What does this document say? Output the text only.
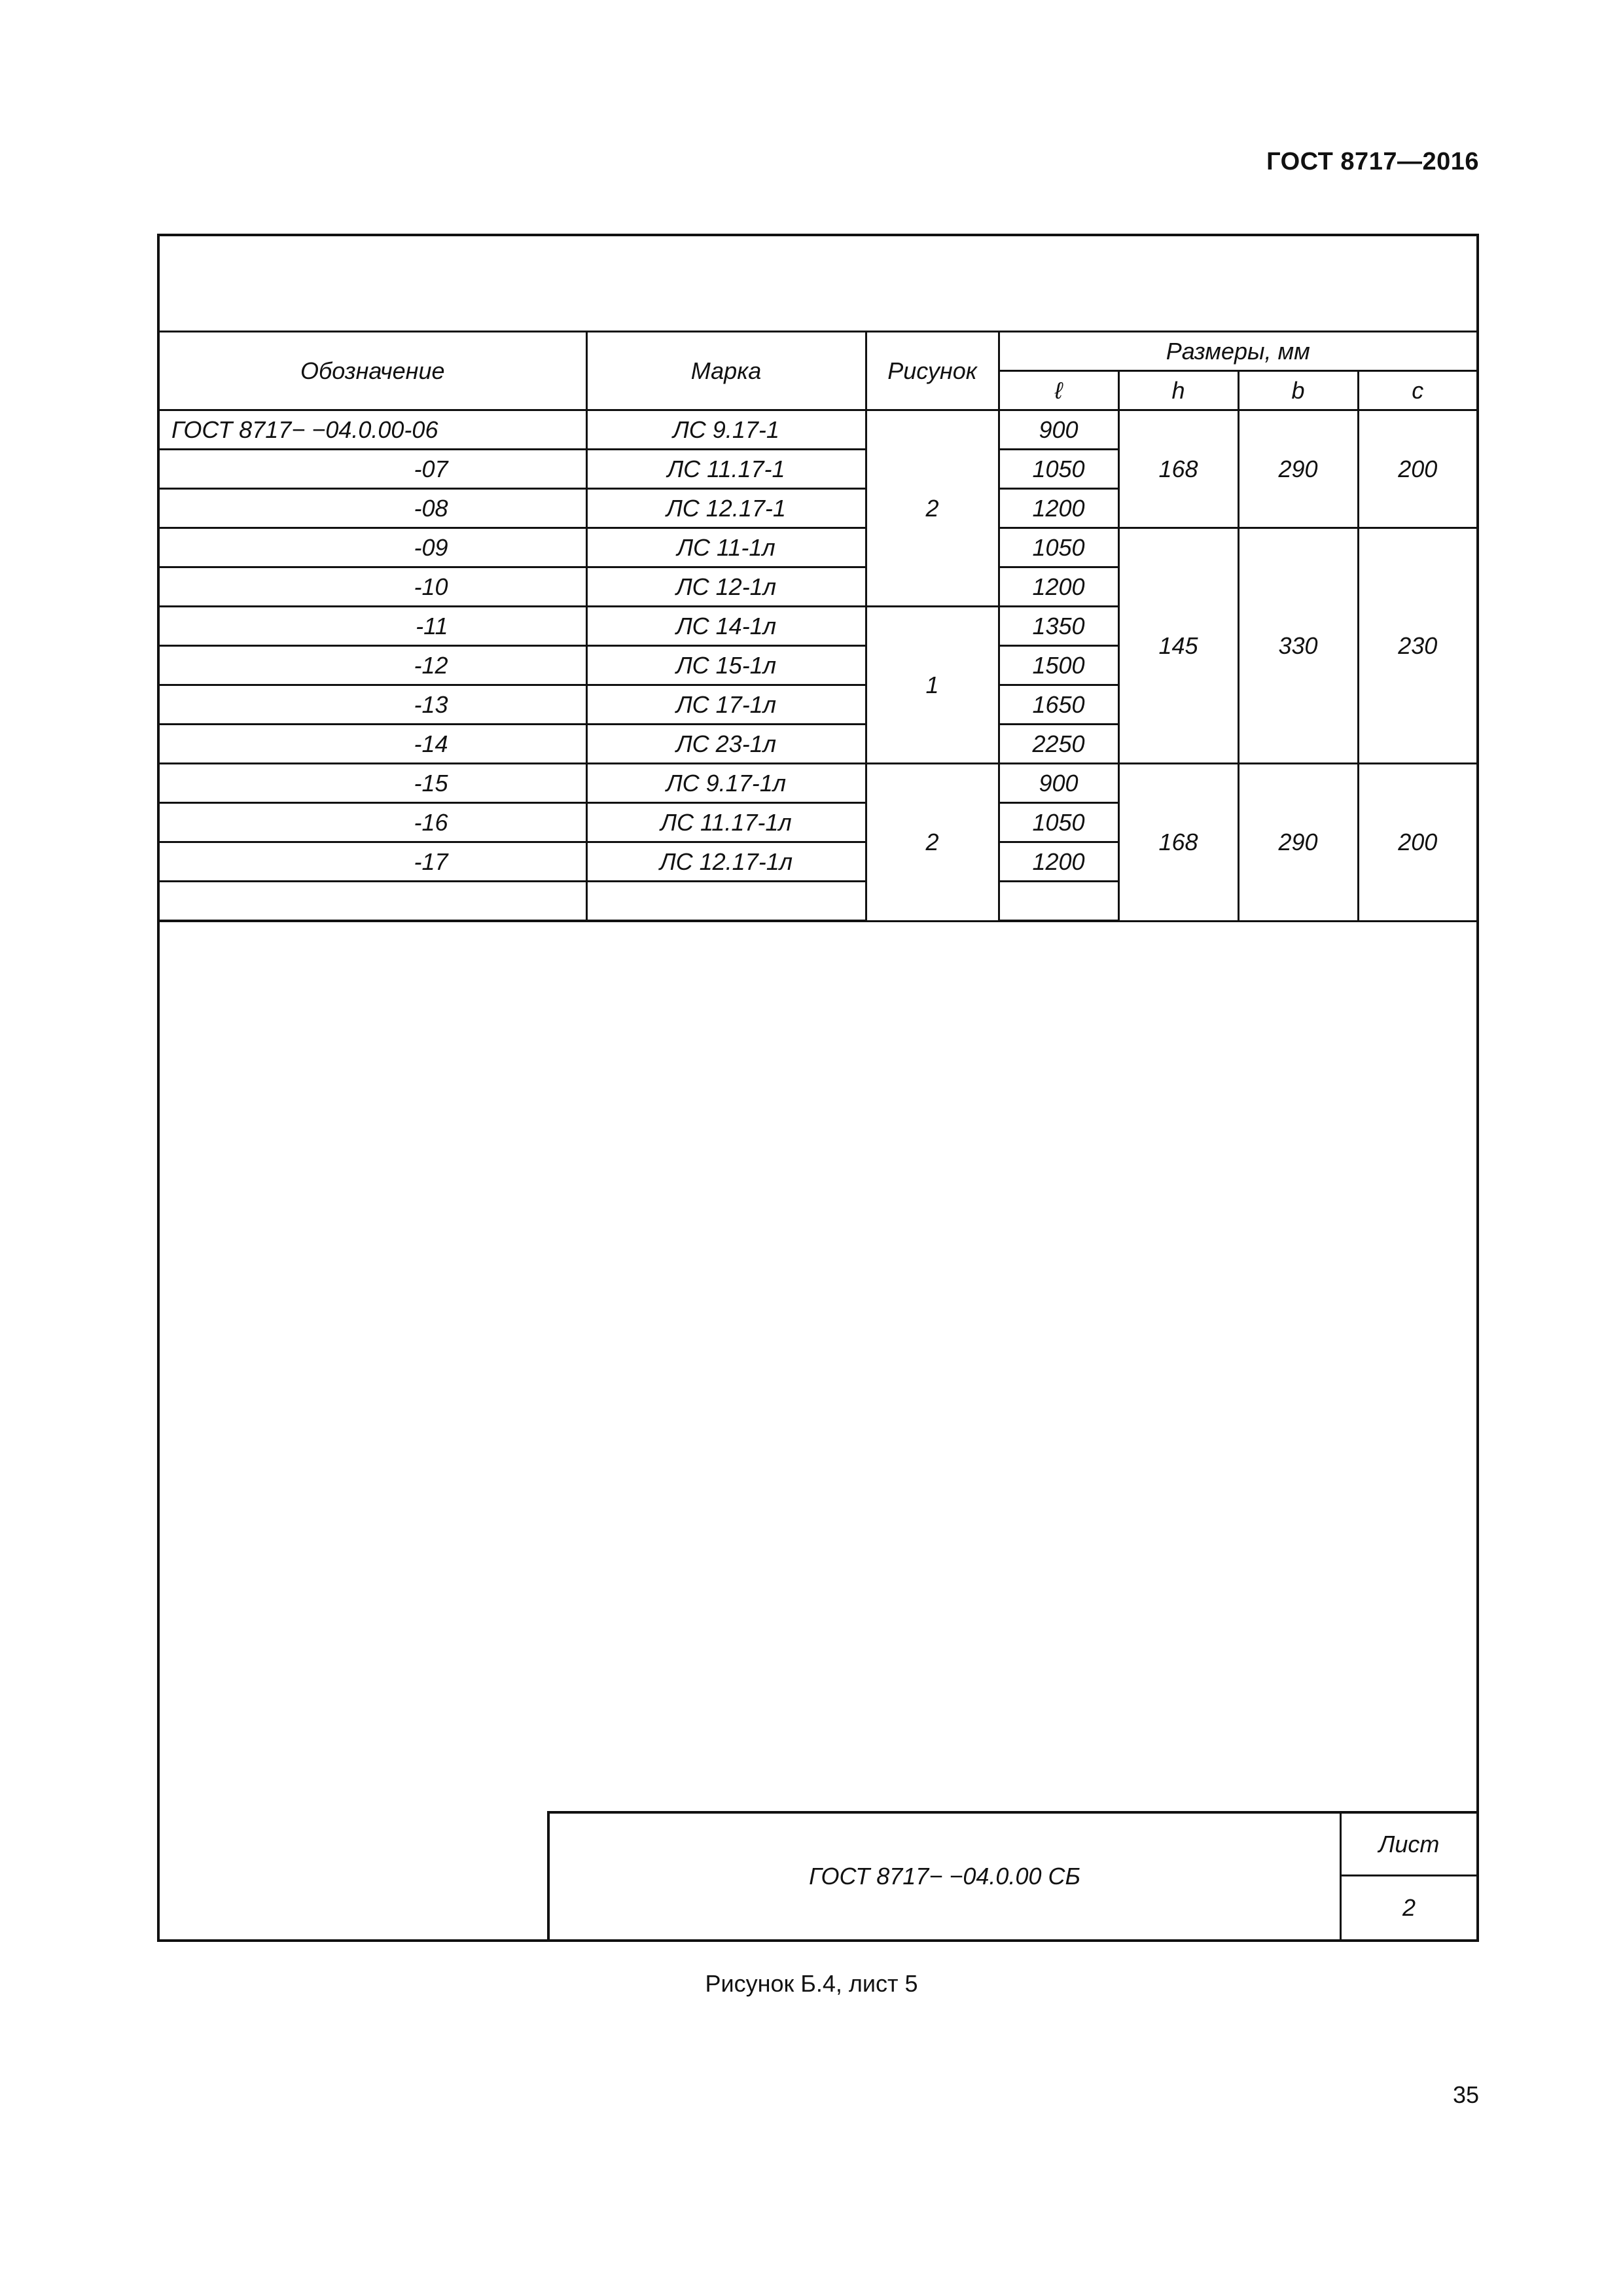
ГОСТ 8717—2016
Обозначение	Марка	Рисунок	Размеры, мм			
			ℓ	h	b	c
ГОСТ 8717− −04.0.00-06	ЛС 9.17-1	2	900	168	290	200
-07	ЛС 11.17-1		1050			
-08	ЛС 12.17-1		1200			
-09	ЛС 11-1л		1050	145	330	230
-10	ЛС 12-1л		1200			
-11	ЛС 14-1л	1	1350			
-12	ЛС 15-1л		1500			
-13	ЛС 17-1л		1650			
-14	ЛС 23-1л		2250			
-15	ЛС 9.17-1л	2	900	168	290	200
-16	ЛС 11.17-1л		1050			
-17	ЛС 12.17-1л		1200			

ГОСТ 8717− −04.0.00 СБ
Лист
2
Рисунок Б.4, лист 5
35
